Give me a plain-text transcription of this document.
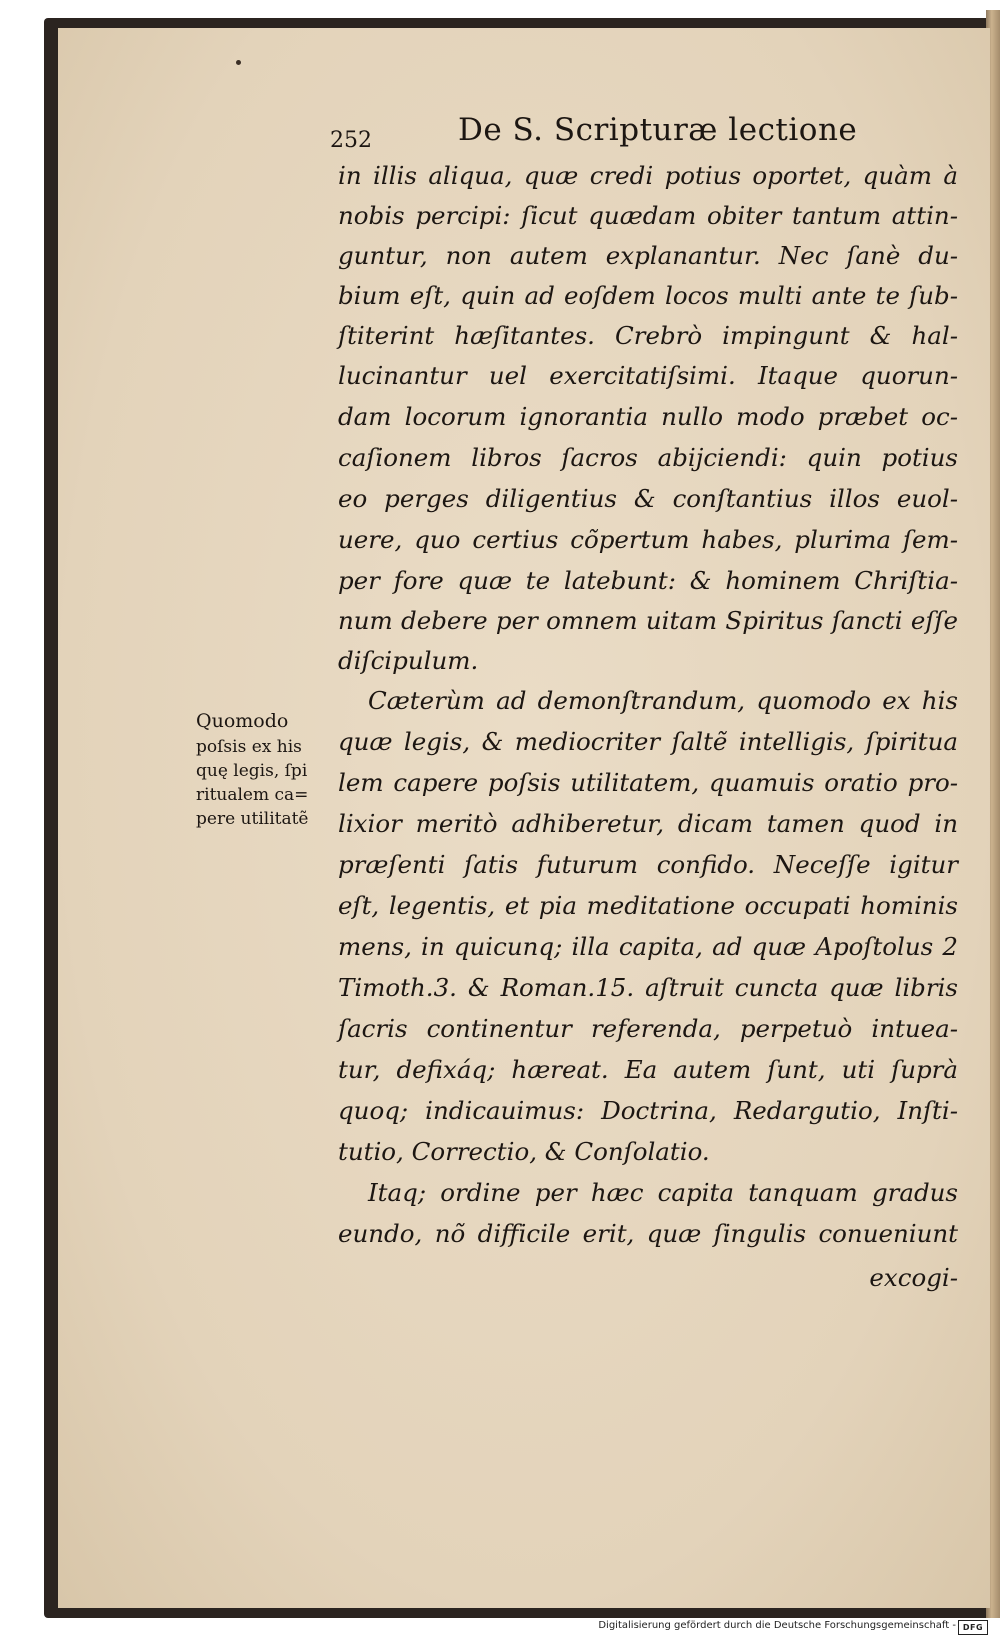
252	De S. Scripturæ lectione
in illis aliqua, quæ credi potius oportet, quàm à
nobis percipi: ſicut quædam obiter tantum attin-
guntur, non autem explanantur. Nec ſanè du-
bium eſt, quin ad eoſdem locos multi ante te ſub-
ſtiterint hæſitantes. Crebrò impingunt & hal-
lucinantur uel exercitatiſsimi. Itaque quorun-
dam locorum ignorantia nullo modo præbet oc-
caſionem libros ſacros abijciendi: quin potius
eo perges diligentius & conſtantius illos euol-
uere, quo certius cõpertum habes, plurima ſem-
per fore quæ te latebunt: & hominem Chriſtia-
num debere per omnem uitam Spiritus ſancti eſſe
diſcipulum.
Cæterùm ad demonſtrandum, quomodo ex his
quæ legis, & mediocriter ſaltẽ intelligis, ſpiritua
lem capere poſsis utilitatem, quamuis oratio pro-
lixior meritò adhiberetur, dicam tamen quod in
præſenti ſatis futurum confido. Neceſſe igitur
eſt, legentis, et pia meditatione occupati hominis
mens, in quicunq; illa capita, ad quæ Apoſtolus 2
Timoth.3. & Roman.15. aſtruit cuncta quæ libris
ſacris continentur referenda, perpetuò intuea-
tur, defixáq; hæreat. Ea autem ſunt, uti ſuprà
quoq; indicauimus: Doctrina, Redargutio, Inſti-
tutio, Correctio, & Conſolatio.
Itaq; ordine per hæc capita tanquam gradus
eundo, nõ difficile erit, quæ ſingulis conueniunt
excogi-
Quomodo
poſsis ex his
quę legis, ſpi
ritualem ca=
pere utilitatẽ
Digitalisierung gefördert durch die Deutsche Forschungsgemeinschaft - DFG
